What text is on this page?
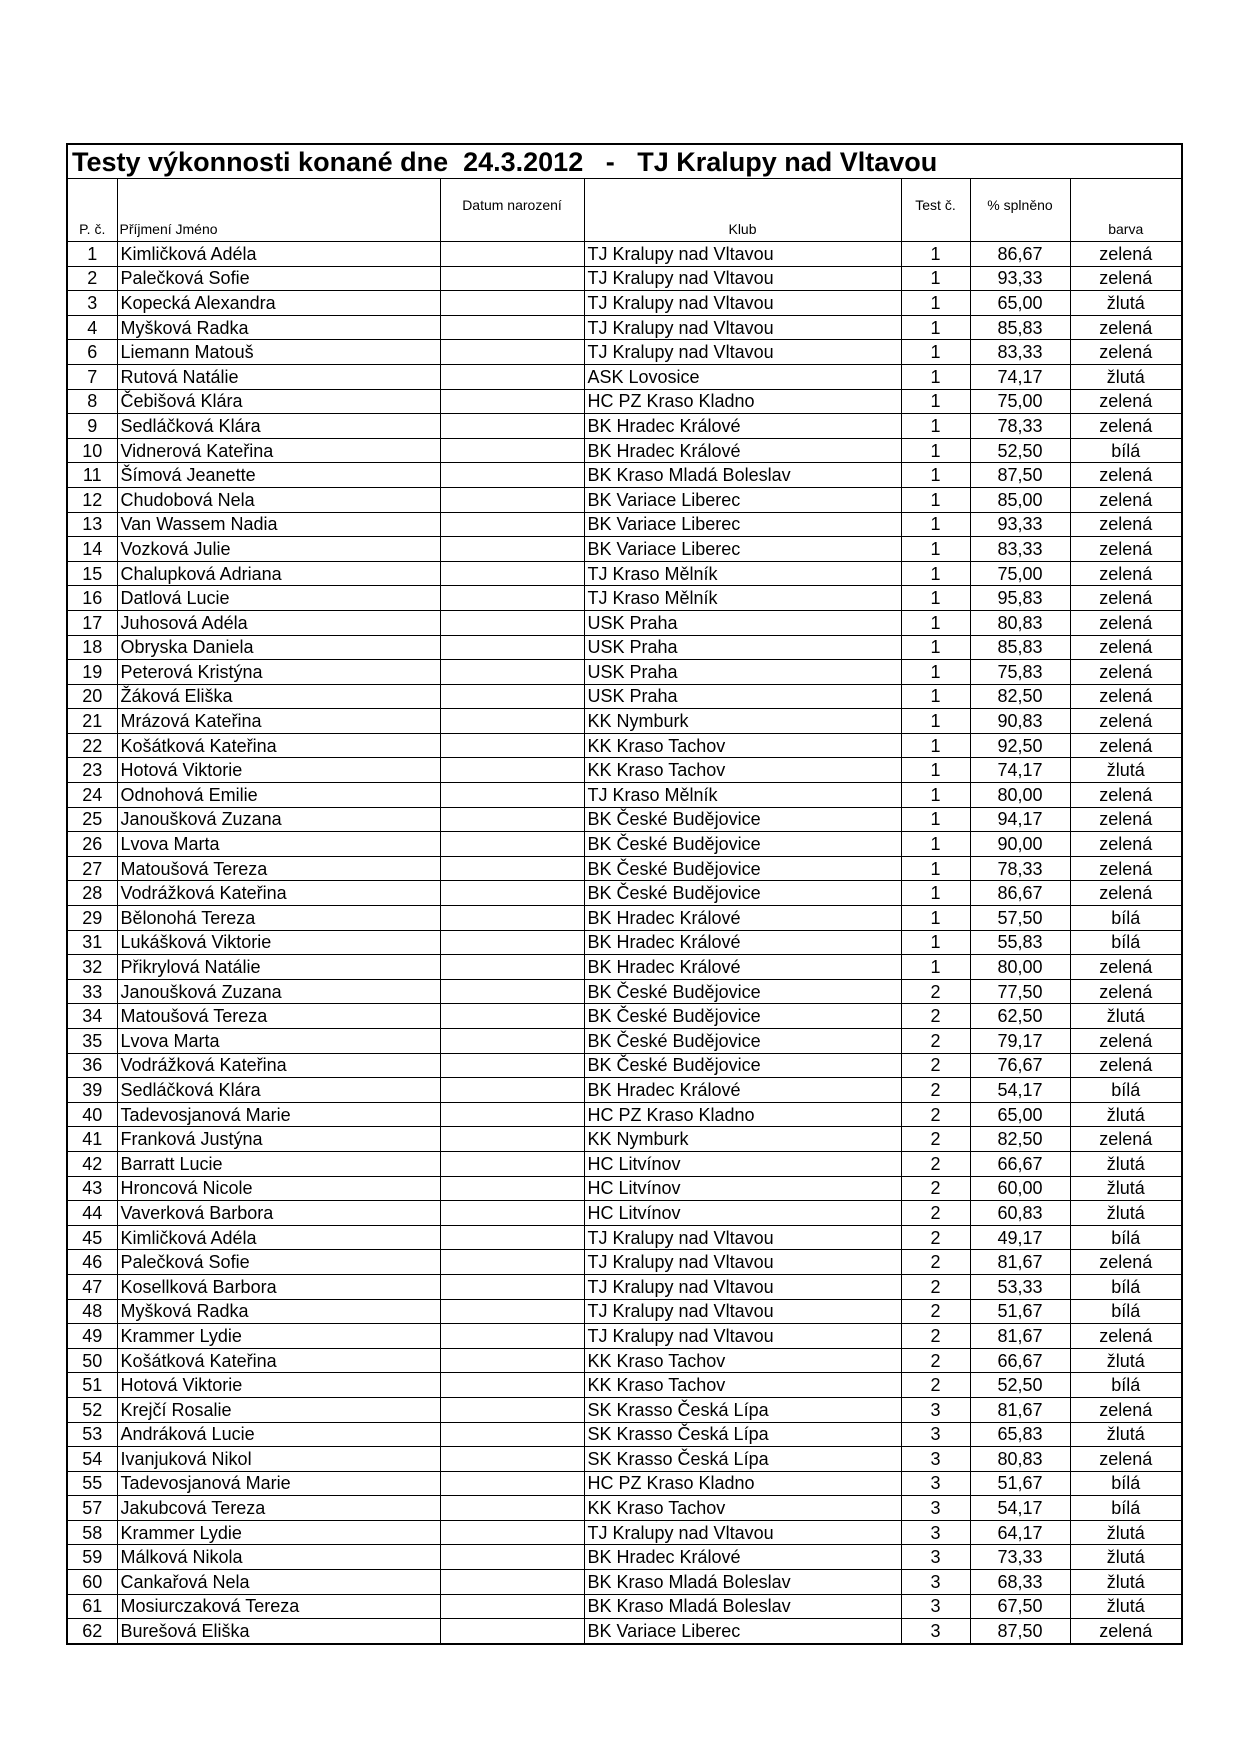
Testy výkonnosti konané dne  24.3.2012   -   TJ Kralupy nad Vltavou
P. č.	Příjmení Jméno	Datum narození	Klub	Test č.	% splněno	barva
1	Kimličková Adéla		TJ Kralupy nad Vltavou	1	86,67	zelená
2	Palečková Sofie		TJ Kralupy nad Vltavou	1	93,33	zelená
3	Kopecká Alexandra		TJ Kralupy nad Vltavou	1	65,00	žlutá
4	Myšková Radka		TJ Kralupy nad Vltavou	1	85,83	zelená
6	Liemann Matouš		TJ Kralupy nad Vltavou	1	83,33	zelená
7	Rutová Natálie		ASK Lovosice	1	74,17	žlutá
8	Čebišová Klára		HC PZ Kraso Kladno	1	75,00	zelená
9	Sedláčková Klára		BK Hradec Králové	1	78,33	zelená
10	Vidnerová Kateřina		BK Hradec Králové	1	52,50	bílá
11	Šímová Jeanette		BK Kraso Mladá Boleslav	1	87,50	zelená
12	Chudobová Nela		BK Variace Liberec	1	85,00	zelená
13	Van Wassem Nadia		BK Variace Liberec	1	93,33	zelená
14	Vozková Julie		BK Variace Liberec	1	83,33	zelená
15	Chalupková Adriana		TJ Kraso Mělník	1	75,00	zelená
16	Datlová Lucie		TJ Kraso Mělník	1	95,83	zelená
17	Juhosová Adéla		USK Praha	1	80,83	zelená
18	Obryska Daniela		USK Praha	1	85,83	zelená
19	Peterová Kristýna		USK Praha	1	75,83	zelená
20	Žáková Eliška		USK Praha	1	82,50	zelená
21	Mrázová Kateřina		KK Nymburk	1	90,83	zelená
22	Košátková Kateřina		KK Kraso Tachov	1	92,50	zelená
23	Hotová Viktorie		KK Kraso Tachov	1	74,17	žlutá
24	Odnohová Emilie		TJ Kraso Mělník	1	80,00	zelená
25	Janoušková Zuzana		BK České Budějovice	1	94,17	zelená
26	Lvova Marta		BK České Budějovice	1	90,00	zelená
27	Matoušová Tereza		BK České Budějovice	1	78,33	zelená
28	Vodrážková Kateřina		BK České Budějovice	1	86,67	zelená
29	Bělonohá Tereza		BK Hradec Králové	1	57,50	bílá
31	Lukášková Viktorie		BK Hradec Králové	1	55,83	bílá
32	Přikrylová Natálie		BK Hradec Králové	1	80,00	zelená
33	Janoušková Zuzana		BK České Budějovice	2	77,50	zelená
34	Matoušová Tereza		BK České Budějovice	2	62,50	žlutá
35	Lvova Marta		BK České Budějovice	2	79,17	zelená
36	Vodrážková Kateřina		BK České Budějovice	2	76,67	zelená
39	Sedláčková Klára		BK Hradec Králové	2	54,17	bílá
40	Tadevosjanová Marie		HC PZ Kraso Kladno	2	65,00	žlutá
41	Franková Justýna		KK Nymburk	2	82,50	zelená
42	Barratt Lucie		HC Litvínov	2	66,67	žlutá
43	Hroncová Nicole		HC Litvínov	2	60,00	žlutá
44	Vaverková Barbora		HC Litvínov	2	60,83	žlutá
45	Kimličková Adéla		TJ Kralupy nad Vltavou	2	49,17	bílá
46	Palečková Sofie		TJ Kralupy nad Vltavou	2	81,67	zelená
47	Kosellková Barbora		TJ Kralupy nad Vltavou	2	53,33	bílá
48	Myšková Radka		TJ Kralupy nad Vltavou	2	51,67	bílá
49	Krammer Lydie		TJ Kralupy nad Vltavou	2	81,67	zelená
50	Košátková Kateřina		KK Kraso Tachov	2	66,67	žlutá
51	Hotová Viktorie		KK Kraso Tachov	2	52,50	bílá
52	Krejčí Rosalie		SK Krasso Česká Lípa	3	81,67	zelená
53	Andráková Lucie		SK Krasso Česká Lípa	3	65,83	žlutá
54	Ivanjuková Nikol		SK Krasso Česká Lípa	3	80,83	zelená
55	Tadevosjanová Marie		HC PZ Kraso Kladno	3	51,67	bílá
57	Jakubcová Tereza		KK Kraso Tachov	3	54,17	bílá
58	Krammer Lydie		TJ Kralupy nad Vltavou	3	64,17	žlutá
59	Málková Nikola		BK Hradec Králové	3	73,33	žlutá
60	Cankařová Nela		BK Kraso Mladá Boleslav	3	68,33	žlutá
61	Mosiurczaková Tereza		BK Kraso Mladá Boleslav	3	67,50	žlutá
62	Burešová Eliška		BK Variace Liberec	3	87,50	zelená
